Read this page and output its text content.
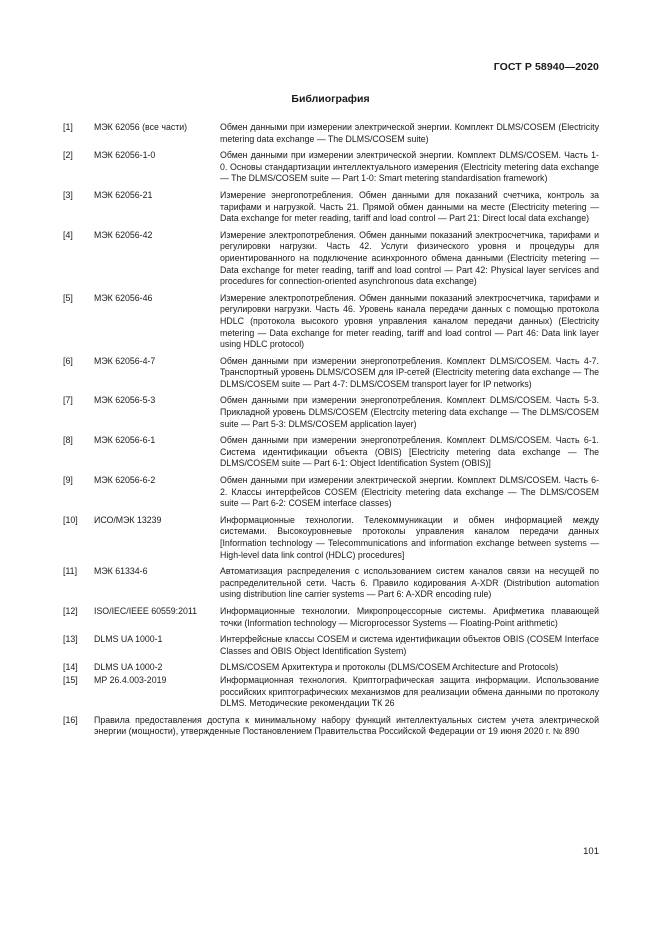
ГОСТ Р 58940—2020
Библиография
[1] МЭК 62056 (все части)	Обмен данными при измерении электрической энергии. Комплект DLMS/COSEM (Electricity metering data exchange — The DLMS/COSEM suite)
[2] МЭК 62056-1-0	Обмен данными при измерении электрической энергии. Комплект DLMS/COSEM. Часть 1-0. Основы стандартизации интеллектуального измерения (Electricity metering data exchange — The DLMS/COSEM suite — Part 1-0: Smart metering standardisation framework)
[3] МЭК 62056-21	Измерение энергопотребления. Обмен данными для показаний счетчика, контроль за тарифами и нагрузкой. Часть 21. Прямой обмен данными на месте (Electricity metering — Data exchange for meter reading, tariff and load control — Part 21: Direct local data exchange)
[4] МЭК 62056-42	Измерение электропотребления. Обмен данными показаний электросчетчика, тарифами и регулировки нагрузки. Часть 42. Услуги физического уровня и процедуры для ориентированного на подключение асинхронного обмена данными (Electricity metering — Data exchange for meter reading, tariff and load control — Part 42: Physical layer services and procedures for connection-oriented asynchronous data exchange)
[5] МЭК 62056-46	Измерение электропотребления. Обмен данными показаний электросчетчика, тарифами и регулировки нагрузки. Часть 46. Уровень канала передачи данных с помощью протокола HDLC (протокола высокого уровня управления каналом передачи данных) (Electricity metering — Data exchange for meter reading, tariff and load control — Part 46: Data link layer using HDLC protocol)
[6] МЭК 62056-4-7	Обмен данными при измерении энергопотребления. Комплект DLMS/COSEM. Часть 4-7. Транспортный уровень DLMS/COSEM для IP-сетей (Electricity metering data exchange — The DLMS/COSEM suite — Part 4-7: DLMS/COSEM transport layer for IP networks)
[7] МЭК 62056-5-3	Обмен данными при измерении энергопотребления. Комплект DLMS/COSEM. Часть 5-3. Прикладной уровень DLMS/COSEM (Electrcity metering data exchange — The DLMS/COSEM suite — Part 5-3: DLMS/COSEM application layer)
[8] МЭК 62056-6-1	Обмен данными при измерении энергопотребления. Комплект DLMS/COSEM. Часть 6-1. Система идентификации объекта (OBIS) [Electricity metering data exchange — The DLMS/COSEM suite — Part 6-1: Object Identification System (OBIS)]
[9] МЭК 62056-6-2	Обмен данными при измерении электрической энергии. Комплект DLMS/COSEM. Часть 6-2. Классы интерфейсов COSEM (Electricity metering data exchange — The DLMS/COSEM suite — Part 6-2: COSEM interface classes)
[10] ИСО/МЭК 13239	Информационные технологии. Телекоммуникации и обмен информацией между системами. Высокоуровневые протоколы управления каналом передачи данных [Information technology — Telecommunications and information exchange between systems — High-level data link control (HDLC) procedures]
[11] МЭК 61334-6	Автоматизация распределения с использованием систем каналов связи на несущей по распределительной сети. Часть 6. Правило кодирования A-XDR (Distribution automation using distribution line carrier systems — Part 6: A-XDR encoding rule)
[12] ISO/IEC/IEEE 60559:2011	Информационные технологии. Микропроцессорные системы. Арифметика плавающей точки (Information technology — Microprocessor Systems — Floating-Point arithmetic)
[13] DLMS UA 1000-1	Интерфейсные классы COSEM и система идентификации объектов OBIS (COSEM Interface Classes and OBIS Object Identification System)
[14] DLMS UA 1000-2	DLMS/COSEM Архитектура и протоколы (DLMS/COSEM Architecture and Protocols)
[15] МР 26.4.003-2019	Информационная технология. Криптографическая защита информации. Использование российских криптографических механизмов для реализации обмена данными по протоколу DLMS. Методические рекомендации ТК 26
[16] Правила предоставления доступа к минимальному набору функций интеллектуальных систем учета электрической энергии (мощности), утвержденные Постановлением Правительства Российской Федерации от 19 июня 2020 г. № 890
101
